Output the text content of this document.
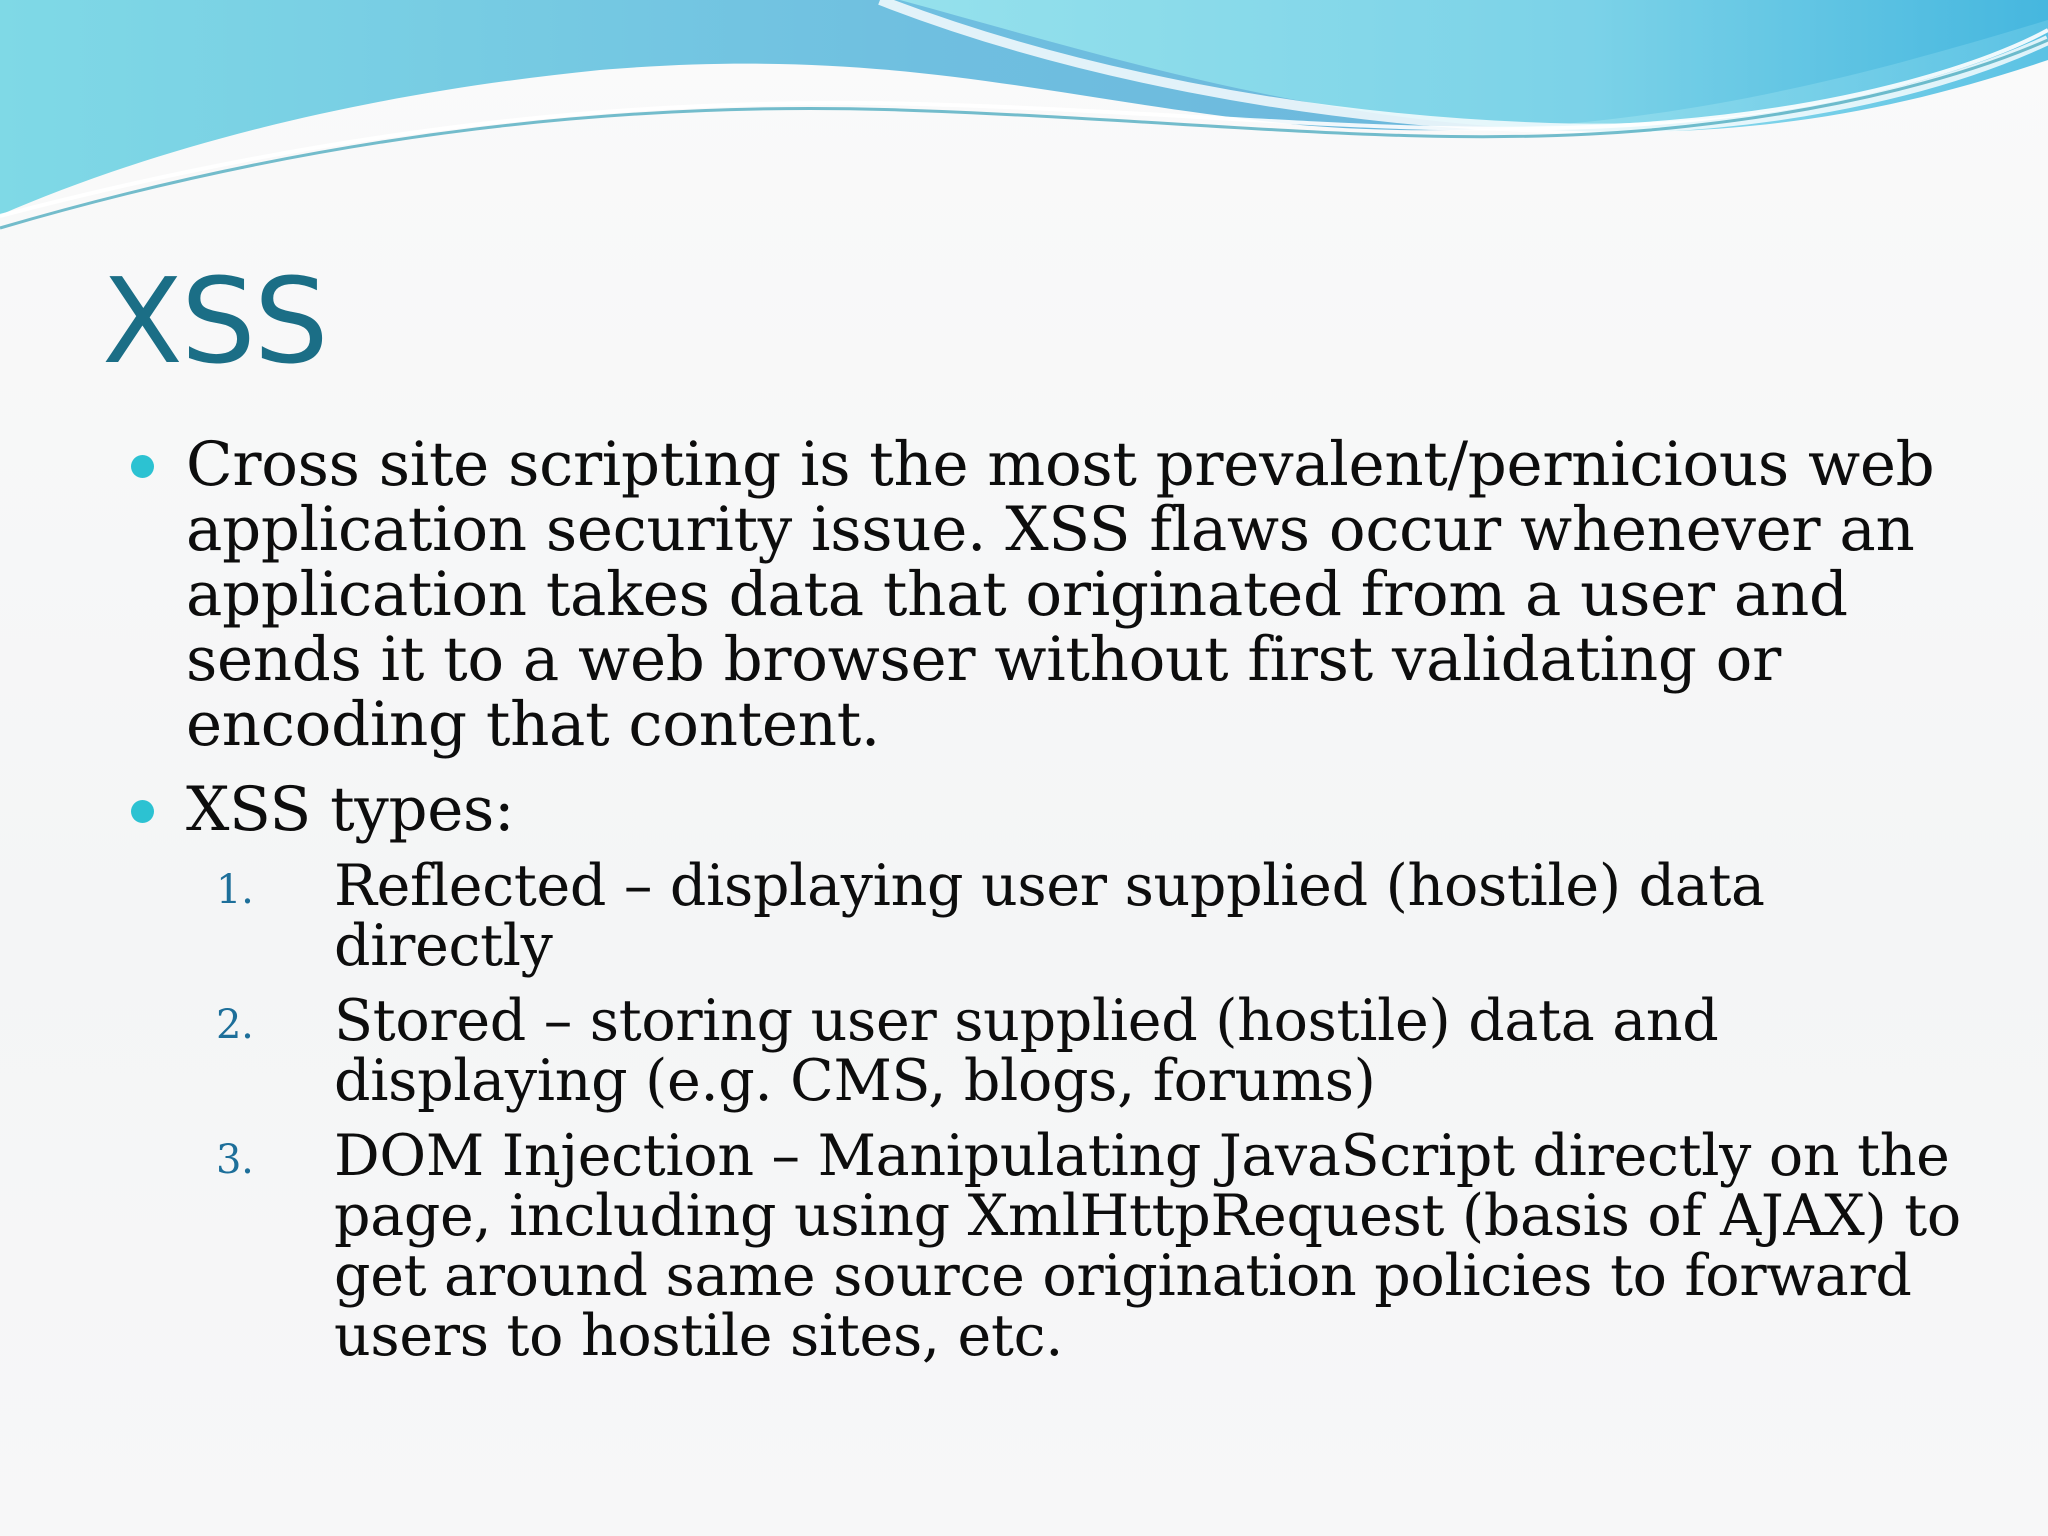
XSS
Cross site scripting is the most prevalent/pernicious web application security issue. XSS flaws occur whenever an application takes data that originated from a user and sends it to a web browser without first validating or encoding that content.
XSS types:
1. Reflected – displaying user supplied (hostile) data directly
2. Stored – storing user supplied (hostile) data and displaying (e.g. CMS, blogs, forums)
3. DOM Injection – Manipulating JavaScript directly on the page, including using XmlHttpRequest (basis of AJAX) to get around same source origination policies to forward users to hostile sites, etc.
